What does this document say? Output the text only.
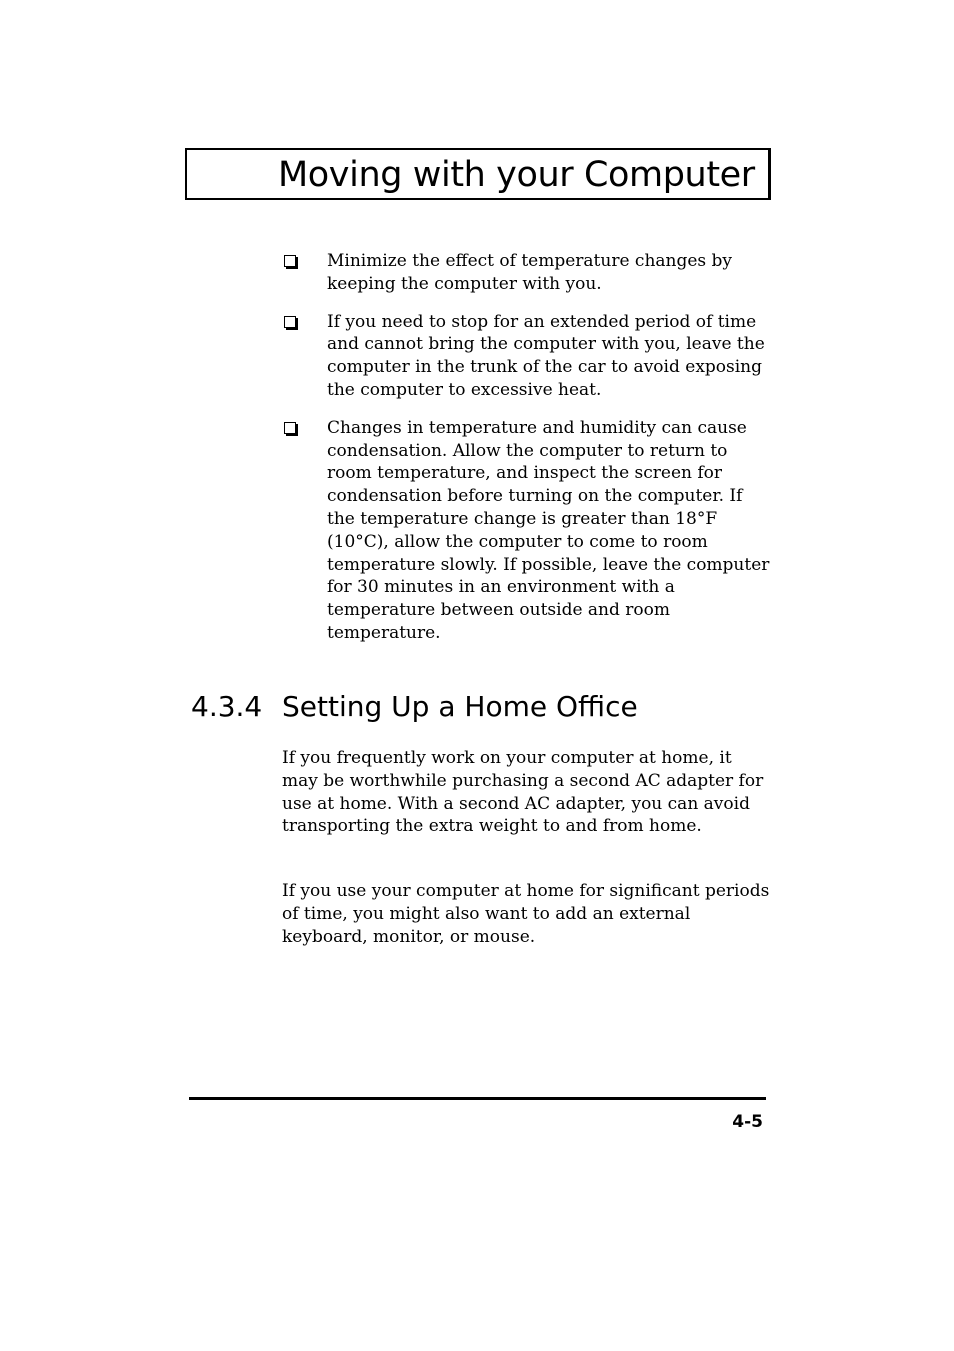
Moving with your Computer
Minimize the effect of temperature changes by keeping the computer with you.
If you need to stop for an extended period of time and cannot bring the computer with you, leave the computer in the trunk of the car to avoid exposing the computer to excessive heat.
Changes in temperature and humidity can cause condensation. Allow the computer to return to room temperature, and inspect the screen for condensation before turning on the computer. If the temperature change is greater than 18°F (10°C), allow the computer to come to room temperature slowly. If possible, leave the computer for 30 minutes in an environment with a temperature between outside and room temperature.
4.3.4 Setting Up a Home Office

If you frequently work on your computer at home, it may be worthwhile purchasing a second AC adapter for use at home. With a second AC adapter, you can avoid transporting the extra weight to and from home.

If you use your computer at home for significant periods of time, you might also want to add an external keyboard, monitor, or mouse.

4-5
